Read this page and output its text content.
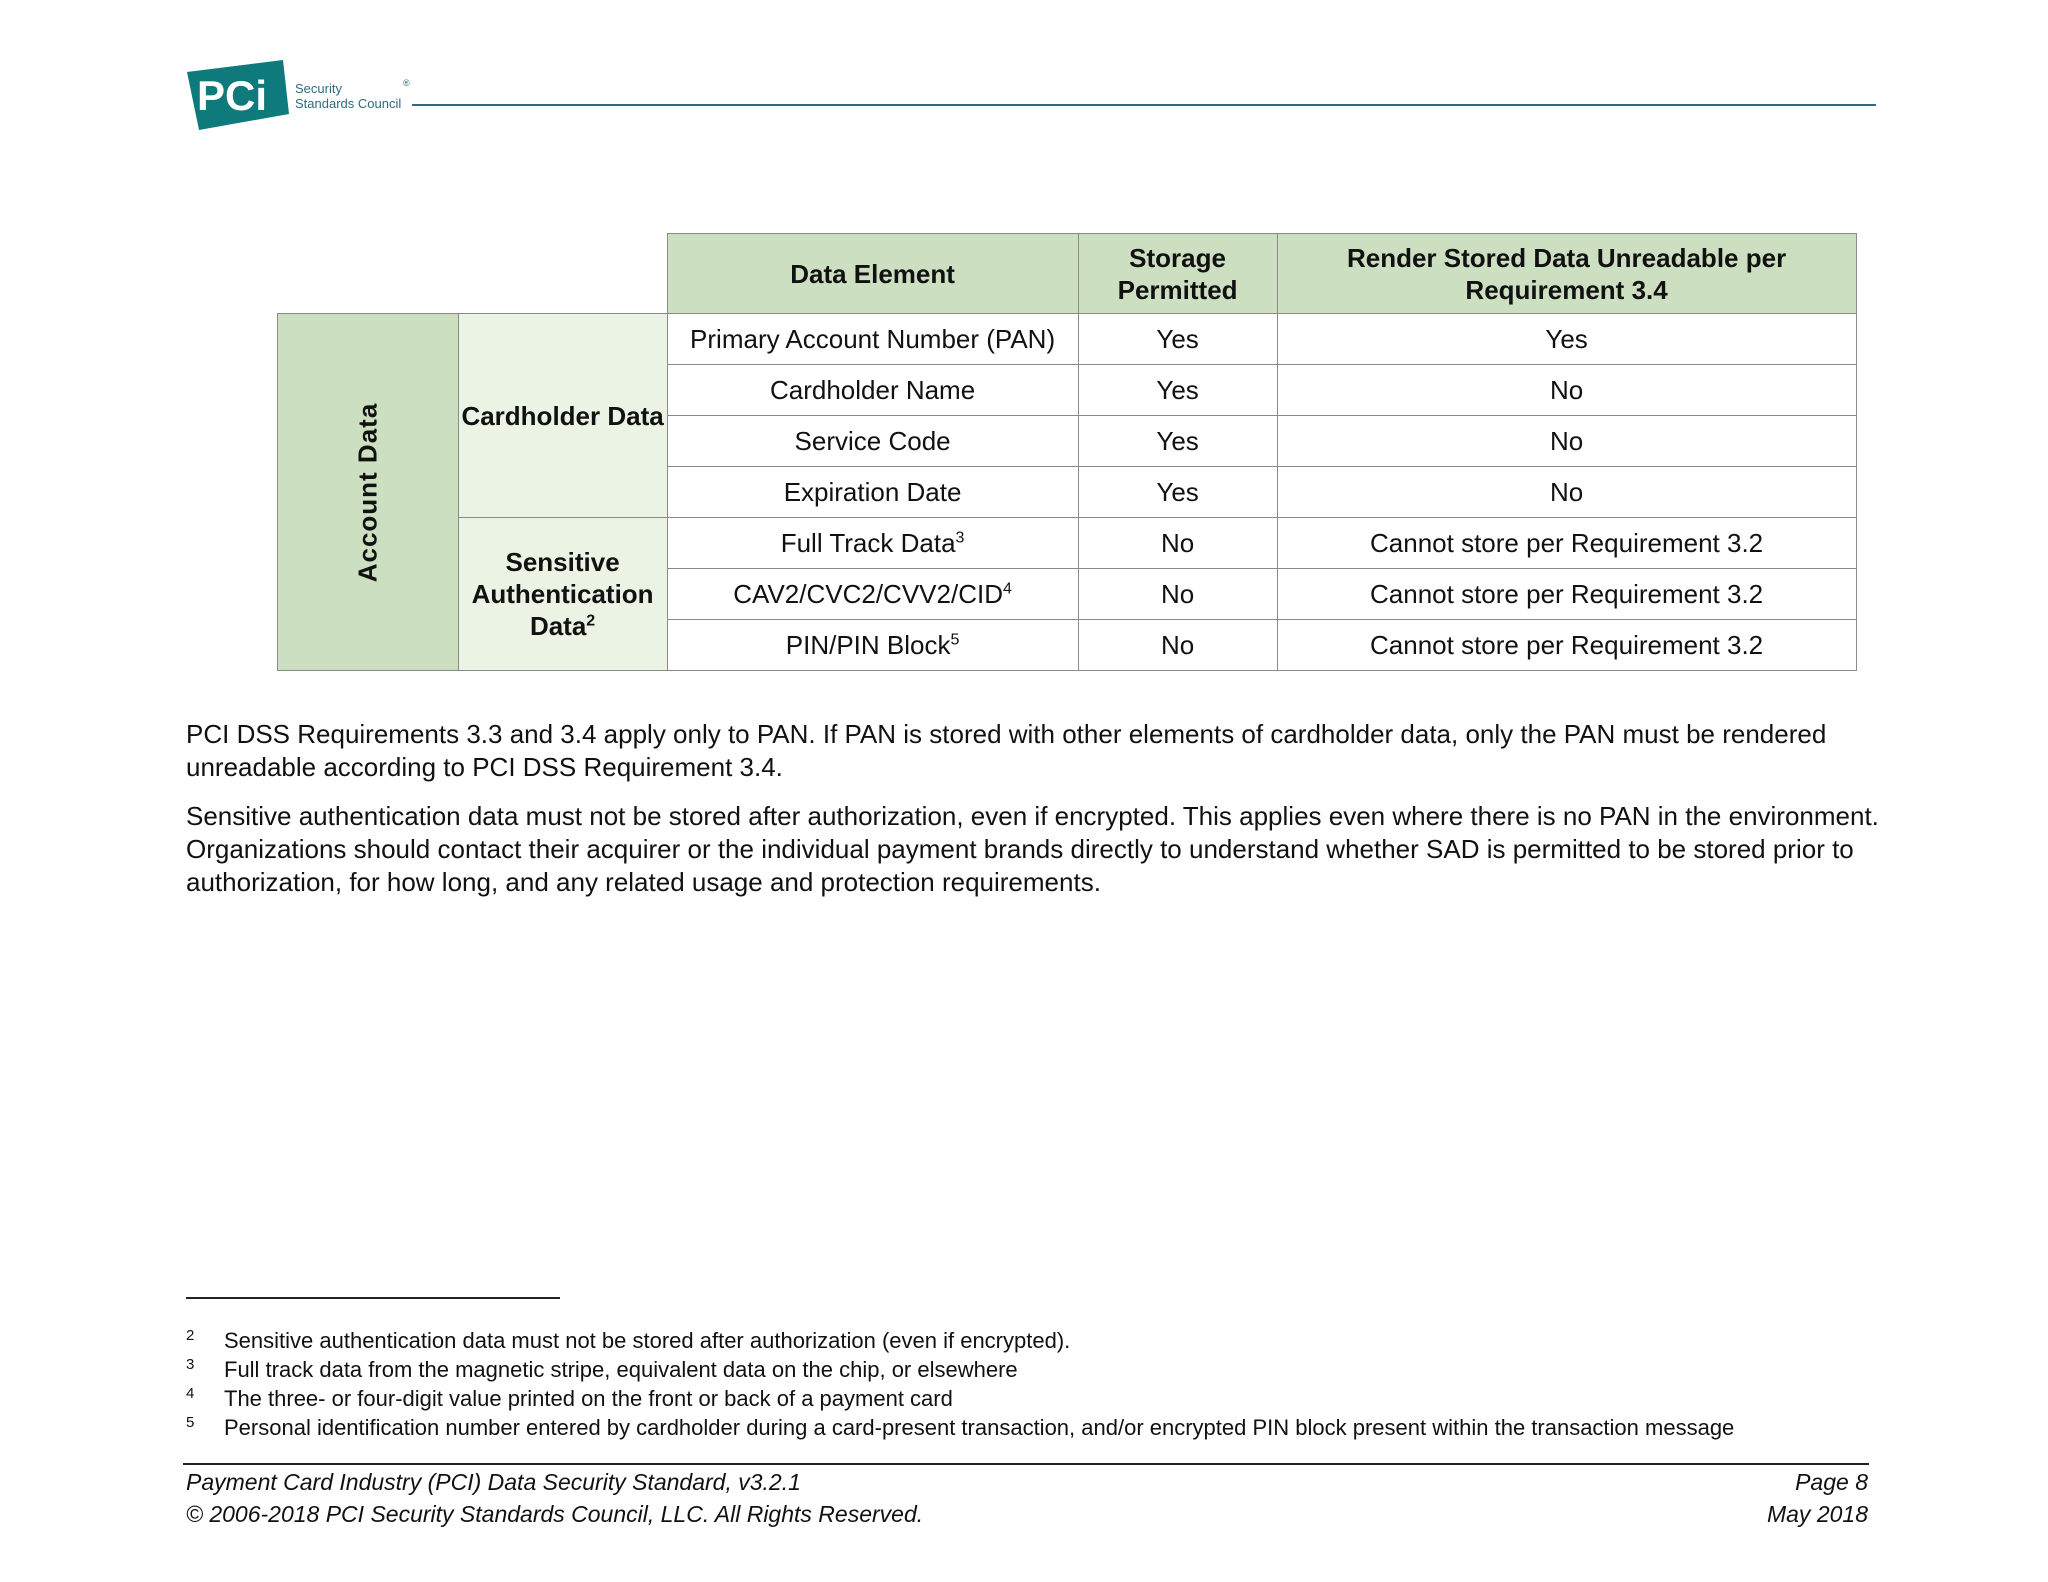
PCi Security
Standards Council
®
		Data Element	Storage Permitted	Render Stored Data Unreadable per Requirement 3.4
Account Data	Cardholder Data	Primary Account Number (PAN)	Yes	Yes
		Cardholder Name	Yes	No
		Service Code	Yes	No
		Expiration Date	Yes	No
	Sensitive Authentication Data$^2$	Full Track Data$^3$	No	Cannot store per Requirement 3.2
		CAV2/CVC2/CVV2/CID$^4$	No	Cannot store per Requirement 3.2
		PIN/PIN Block$^5$	No	Cannot store per Requirement 3.2

PCI DSS Requirements 3.3 and 3.4 apply only to PAN. If PAN is stored with other elements of cardholder data, only the PAN must be rendered unreadable according to PCI DSS Requirement 3.4.

Sensitive authentication data must not be stored after authorization, even if encrypted. This applies even where there is no PAN in the environment. Organizations should contact their acquirer or the individual payment brands directly to understand whether SAD is permitted to be stored prior to authorization, for how long, and any related usage and protection requirements.

2	Sensitive authentication data must not be stored after authorization (even if encrypted).
3	Full track data from the magnetic stripe, equivalent data on the chip, or elsewhere
4	The three- or four-digit value printed on the front or back of a payment card
5	Personal identification number entered by cardholder during a card-present transaction, and/or encrypted PIN block present within the transaction message
Payment Card Industry (PCI) Data Security Standard, v3.2.1	Page 8
© 2006-2018 PCI Security Standards Council, LLC. All Rights Reserved.	May 2018
